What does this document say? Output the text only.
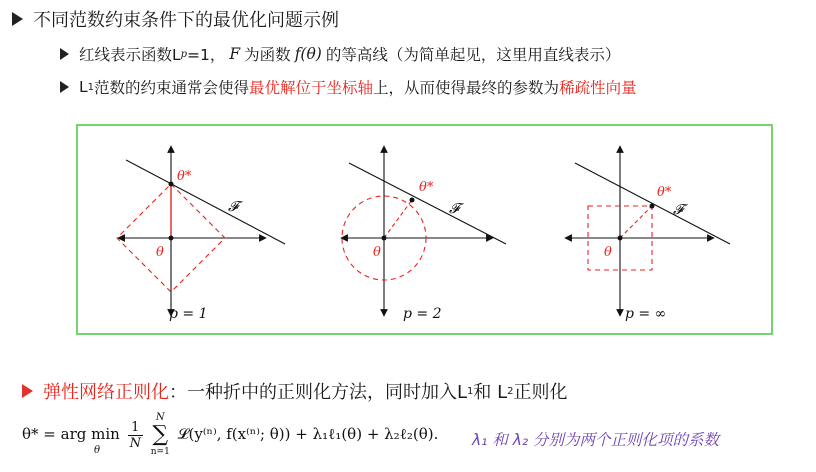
不同范数约束条件下的最优化问题示例
红线表示函数L p =1， F 为函数 f(θ) 的等高线（为简单起见，这里用直线表示）
L 1 范数的约束通常会使得 最优解位于坐标轴 上，从而使得最终的参数为 稀疏性向量
θ*
θ
𝓕
p = 1
θ*
θ
𝓕
p = 2
θ*
θ
𝓕
p = ∞
弹性网络正则化 ：一种折中的正则化方法，同时加入L 1 和 L 2 正则化
θ* = arg min
θ
$\frac{1}{N}$

N
∑
n=1
𝓛(y⁽ⁿ⁾, f(x⁽ⁿ⁾; θ)) + λ₁ℓ₁(θ) + λ₂ℓ₂(θ). λ₁ 和 λ₂ 分别为两个正则化项的系数
